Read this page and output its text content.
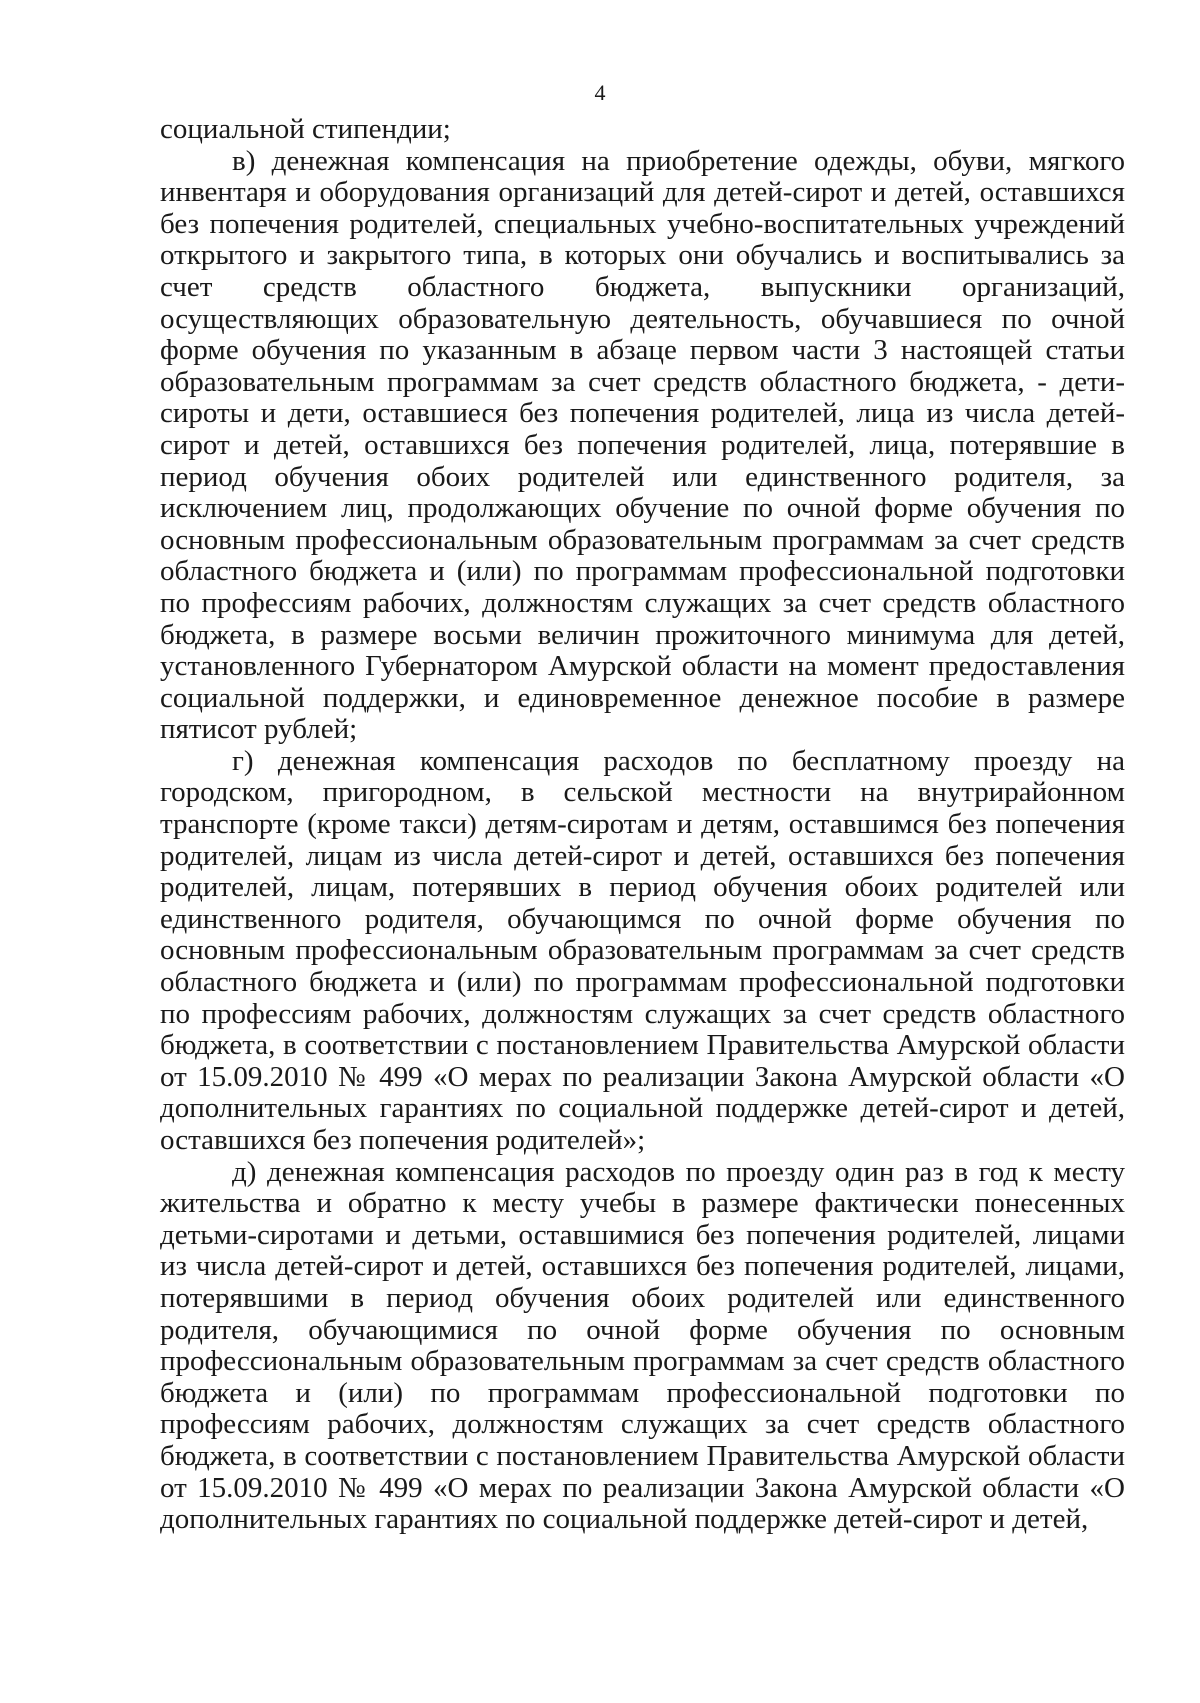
4

социальной стипендии;

в) денежная компенсация на приобретение одежды, обуви, мягкого инвентаря и оборудования организаций для детей-сирот и детей, оставшихся без попечения родителей, специальных учебно-воспитательных учреждений открытого и закрытого типа, в которых они обучались и воспитывались за счет средств областного бюджета, выпускники организаций, осуществляющих образовательную деятельность, обучавшиеся по очной форме обучения по указанным в абзаце первом части 3 настоящей статьи образовательным программам за счет средств областного бюджета, - дети-сироты и дети, оставшиеся без попечения родителей, лица из числа детей-сирот и детей, оставшихся без попечения родителей, лица, потерявшие в период обучения обоих родителей или единственного родителя, за исключением лиц, продолжающих обучение по очной форме обучения по основным профессиональным образовательным программам за счет средств областного бюджета и (или) по программам профессиональной подготовки по профессиям рабочих, должностям служащих за счет средств областного бюджета, в размере восьми величин прожиточного минимума для детей, установленного Губернатором Амурской области на момент предоставления социальной поддержки, и единовременное денежное пособие в размере пятисот рублей;

г) денежная компенсация расходов по бесплатному проезду на городском, пригородном, в сельской местности на внутрирайонном транспорте (кроме такси) детям-сиротам и детям, оставшимся без попечения родителей, лицам из числа детей-сирот и детей, оставшихся без попечения родителей, лицам, потерявших в период обучения обоих родителей или единственного родителя, обучающимся по очной форме обучения по основным профессиональным образовательным программам за счет средств областного бюджета и (или) по программам профессиональной подготовки по профессиям рабочих, должностям служащих за счет средств областного бюджета, в соответствии с постановлением Правительства Амурской области от 15.09.2010 № 499 «О мерах по реализации Закона Амурской области «О дополнительных гарантиях по социальной поддержке детей-сирот и детей, оставшихся без попечения родителей»;

д) денежная компенсация расходов по проезду один раз в год к месту жительства и обратно к месту учебы в размере фактически понесенных детьми-сиротами и детьми, оставшимися без попечения родителей, лицами из числа детей-сирот и детей, оставшихся без попечения родителей, лицами, потерявшими в период обучения обоих родителей или единственного родителя, обучающимися по очной форме обучения по основным профессиональным образовательным программам за счет средств областного бюджета и (или) по программам профессиональной подготовки по профессиям рабочих, должностям служащих за счет средств областного бюджета, в соответствии с постановлением Правительства Амурской области от 15.09.2010 № 499 «О мерах по реализации Закона Амурской области «О дополнительных гарантиях по социальной поддержке детей-сирот и детей,
